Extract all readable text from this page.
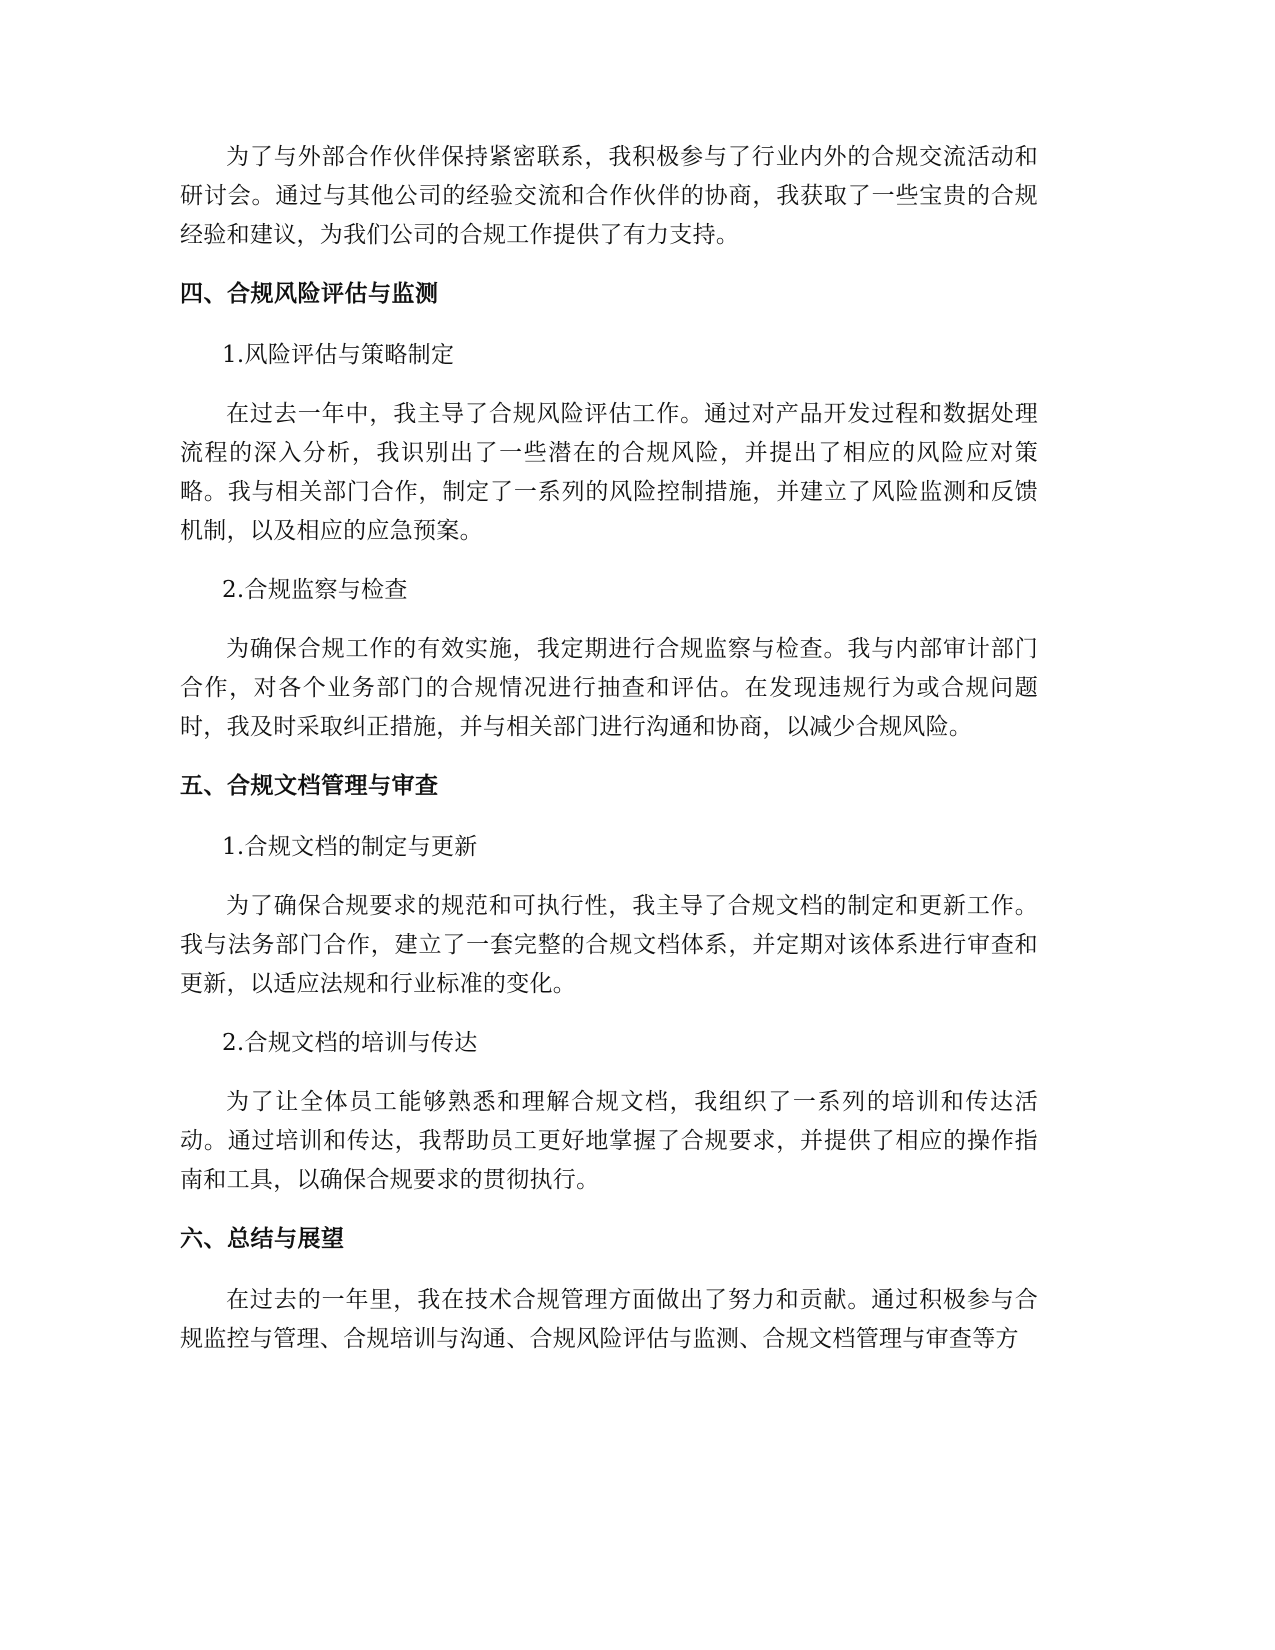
为了与外部合作伙伴保持紧密联系，我积极参与了行业内外的合规交流活动和研讨会。通过与其他公司的经验交流和合作伙伴的协商，我获取了一些宝贵的合规经验和建议，为我们公司的合规工作提供了有力支持。

四、合规风险评估与监测

1.风险评估与策略制定

在过去一年中，我主导了合规风险评估工作。通过对产品开发过程和数据处理流程的深入分析，我识别出了一些潜在的合规风险，并提出了相应的风险应对策略。我与相关部门合作，制定了一系列的风险控制措施，并建立了风险监测和反馈机制，以及相应的应急预案。

2.合规监察与检查

为确保合规工作的有效实施，我定期进行合规监察与检查。我与内部审计部门合作，对各个业务部门的合规情况进行抽查和评估。在发现违规行为或合规问题时，我及时采取纠正措施，并与相关部门进行沟通和协商，以减少合规风险。

五、合规文档管理与审查

1.合规文档的制定与更新

为了确保合规要求的规范和可执行性，我主导了合规文档的制定和更新工作。我与法务部门合作，建立了一套完整的合规文档体系，并定期对该体系进行审查和更新，以适应法规和行业标准的变化。

2.合规文档的培训与传达

为了让全体员工能够熟悉和理解合规文档，我组织了一系列的培训和传达活动。通过培训和传达，我帮助员工更好地掌握了合规要求，并提供了相应的操作指南和工具，以确保合规要求的贯彻执行。

六、总结与展望

在过去的一年里，我在技术合规管理方面做出了努力和贡献。通过积极参与合规监控与管理、合规培训与沟通、合规风险评估与监测、合规文档管理与审查等方
